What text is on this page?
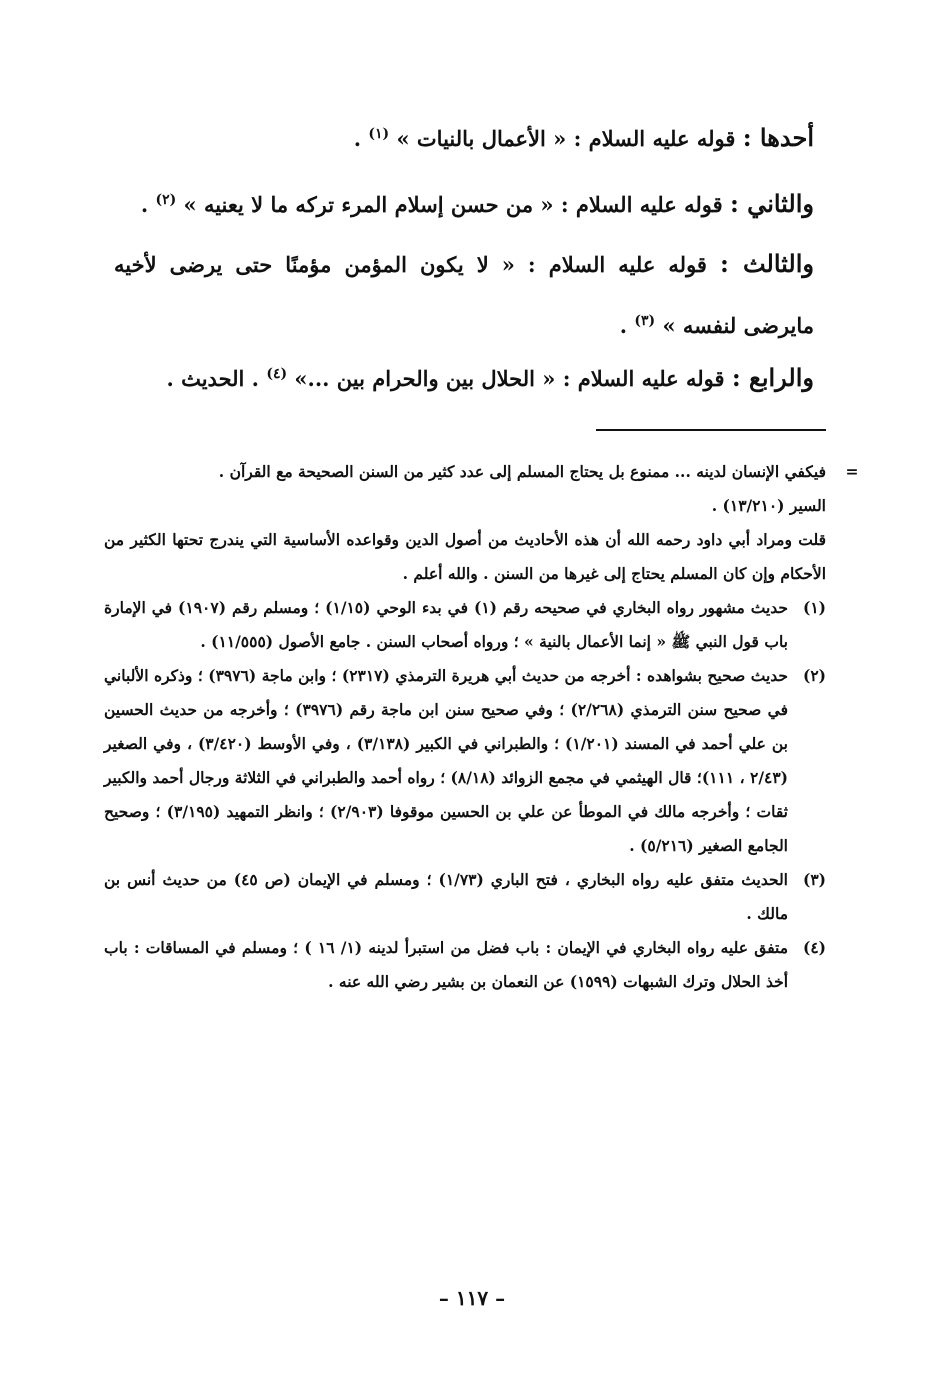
أحدها : قوله عليه السلام : « الأعمال بالنيات » $^{(١)}$ .
والثاني : قوله عليه السلام : « من حسن إسلام المرء تركه ما لا يعنيه » $^{(٢)}$ .
والثالث : قوله عليه السلام : « لا يكون المؤمن مؤمنًا حتى يرضى لأخيه مايرضى لنفسه » $^{(٣)}$ .
والرابع : قوله عليه السلام : « الحلال بين والحرام بين ...» $^{(٤)}$ . الحديث .
=

فيكفي الإنسان لدينه ... ممنوع بل يحتاج المسلم إلى عدد كثير من السنن الصحيحة مع القرآن .

السير (١٣/٢١٠) .

قلت ومراد أبي داود رحمه الله أن هذه الأحاديث من أصول الدين وقواعده الأساسية التي يندرج تحتها الكثير من الأحكام وإن كان المسلم يحتاج إلى غيرها من السنن . والله أعلم .

(١)
حديث مشهور رواه البخاري في صحيحه رقم (١) في بدء الوحي (١/١٥) ؛ ومسلم رقم (١٩٠٧) في الإمارة باب قول النبي ﷺ « إنما الأعمال بالنية » ؛ ورواه أصحاب السنن . جامع الأصول (١١/٥٥٥) .
(٢)
حديث صحيح بشواهده : أخرجه من حديث أبي هريرة الترمذي (٢٣١٧) ؛ وابن ماجة (٣٩٧٦) ؛ وذكره الألباني في صحيح سنن الترمذي (٢/٢٦٨) ؛ وفي صحيح سنن ابن ماجة رقم (٣٩٧٦) ؛ وأخرجه من حديث الحسين بن علي أحمد في المسند (١/٢٠١) ؛ والطبراني في الكبير (٣/١٣٨) ، وفي الأوسط (٣/٤٢٠) ، وفي الصغير (٢/٤٣ ، ١١١)؛ قال الهيثمي في مجمع الزوائد (٨/١٨) ؛ رواه أحمد والطبراني في الثلاثة ورجال أحمد والكبير ثقات ؛ وأخرجه مالك في الموطأ عن علي بن الحسين موقوفا (٢/٩٠٣) ؛ وانظر التمهيد (٣/١٩٥) ؛ وصحيح الجامع الصغير (٥/٢١٦) .
(٣)
الحديث متفق عليه رواه البخاري ، فتح الباري (١/٧٣) ؛ ومسلم في الإيمان (ص ٤٥) من حديث أنس بن مالك .
(٤)
متفق عليه رواه البخاري في الإيمان : باب فضل من استبرأ لدينه (١/ ١٦ ) ؛ ومسلم في المساقات : باب أخذ الحلال وترك الشبهات (١٥٩٩) عن النعمان بن بشير رضي الله عنه .
– ١١٧ –
